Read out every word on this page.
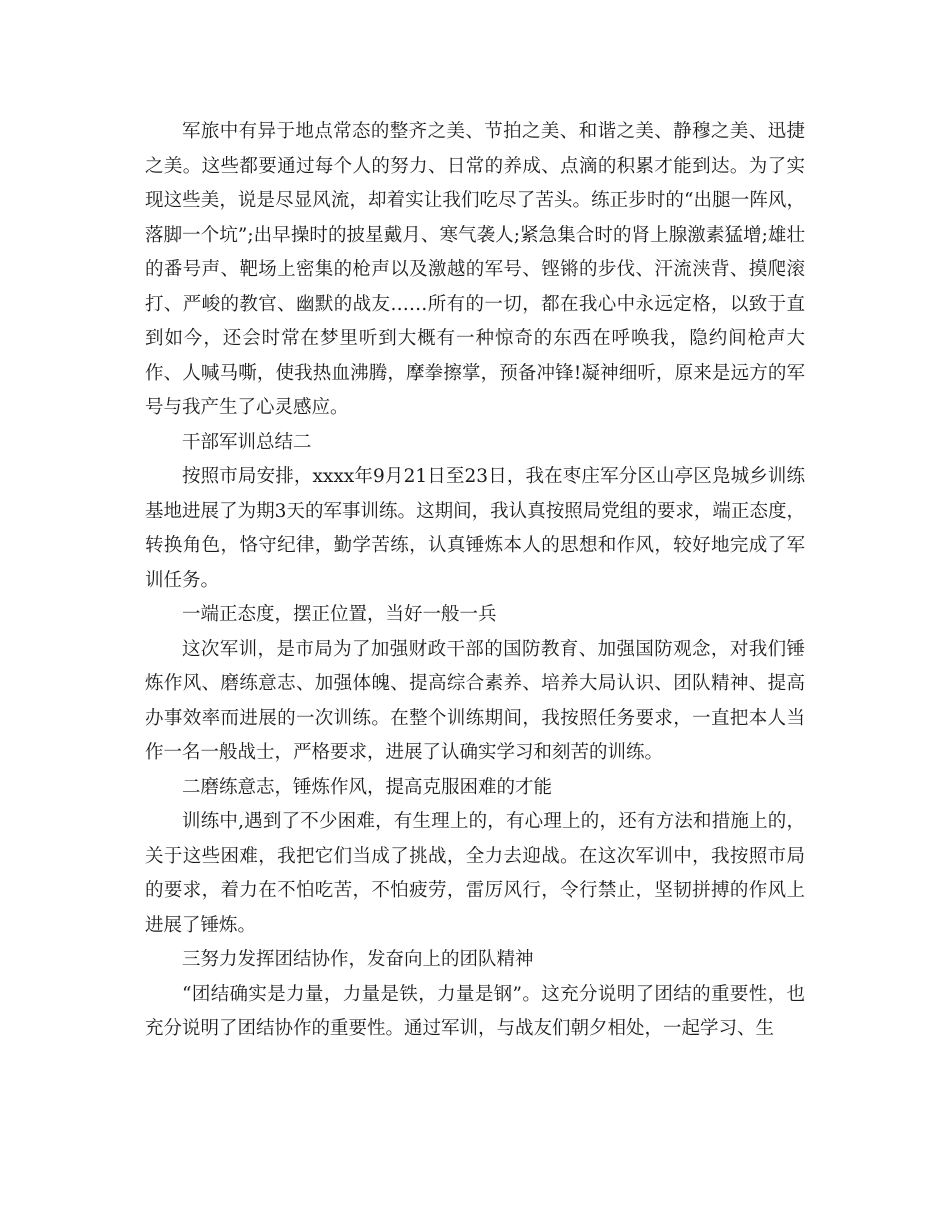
军旅中有异于地点常态的整齐之美、节拍之美、和谐之美、静穆之美、迅捷之美。这些都要通过每个人的努力、日常的养成、点滴的积累才能到达。为了实现这些美，说是尽显风流，却着实让我们吃尽了苦头。练正步时的“出腿一阵风，落脚一个坑”;出早操时的披星戴月、寒气袭人;紧急集合时的肾上腺激素猛增;雄壮的番号声、靶场上密集的枪声以及激越的军号、铿锵的步伐、汗流浃背、摸爬滚打、严峻的教官、幽默的战友……所有的一切，都在我心中永远定格，以致于直到如今，还会时常在梦里听到大概有一种惊奇的东西在呼唤我，隐约间枪声大作、人喊马嘶，使我热血沸腾，摩拳擦掌，预备冲锋!凝神细听，原来是远方的军号与我产生了心灵感应。

干部军训总结二

按照市局安排，xxxx年9月21日至23日，我在枣庄军分区山亭区凫城乡训练基地进展了为期3天的军事训练。这期间，我认真按照局党组的要求，端正态度，转换角色，恪守纪律，勤学苦练，认真锤炼本人的思想和作风，较好地完成了军训任务。

一端正态度，摆正位置，当好一般一兵

这次军训，是市局为了加强财政干部的国防教育、加强国防观念，对我们锤炼作风、磨练意志、加强体魄、提高综合素养、培养大局认识、团队精神、提高办事效率而进展的一次训练。在整个训练期间，我按照任务要求，一直把本人当作一名一般战士，严格要求，进展了认确实学习和刻苦的训练。

二磨练意志，锤炼作风，提高克服困难的才能

训练中,遇到了不少困难，有生理上的，有心理上的，还有方法和措施上的，关于这些困难，我把它们当成了挑战，全力去迎战。在这次军训中，我按照市局的要求，着力在不怕吃苦，不怕疲劳，雷厉风行，令行禁止，坚韧拼搏的作风上进展了锤炼。

三努力发挥团结协作，发奋向上的团队精神

“团结确实是力量，力量是铁，力量是钢”。这充分说明了团结的重要性，也充分说明了团结协作的重要性。通过军训，与战友们朝夕相处，一起学习、生
